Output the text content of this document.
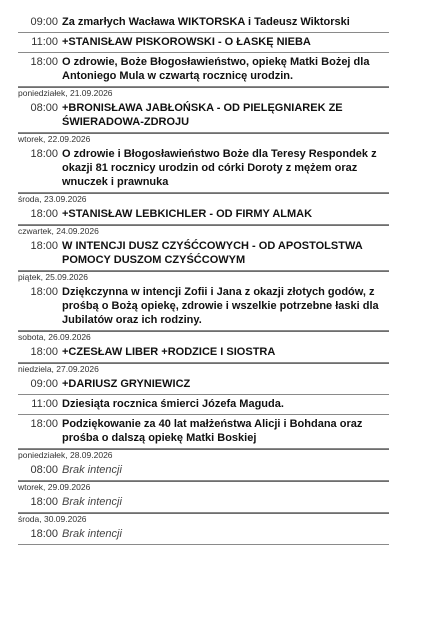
09:00 Za zmarłych Wacława WIKTORSKA i Tadeusz Wiktorski
11:00 +STANISŁAW PISKOROWSKI - O ŁASKĘ NIEBA
18:00 O zdrowie, Boże Błogosławieństwo, opiekę Matki Bożej dla Antoniego Mula w czwartą rocznicę urodzin.
poniedziałek, 21.09.2026
08:00 +BRONISŁAWA JABŁOŃSKA - OD PIELĘGNIAREK ZE ŚWIERADOWA-ZDROJU
wtorek, 22.09.2026
18:00 O zdrowie i Błogosławieństwo Boże dla Teresy Respondek z okazji 81 rocznicy urodzin od córki Doroty z mężem oraz wnuczek i prawnuka
środa, 23.09.2026
18:00 +STANISŁAW LEBKICHLER - OD FIRMY ALMAK
czwartek, 24.09.2026
18:00 W INTENCJI DUSZ CZYŚĆCOWYCH - OD APOSTOLSTWA POMOCY DUSZOM CZYŚĆCOWYM
piątek, 25.09.2026
18:00 Dziękczynna w intencji Zofii i Jana z okazji złotych godów, z prośbą o Bożą opiekę, zdrowie i wszelkie potrzebne łaski dla Jubilatów oraz ich rodziny.
sobota, 26.09.2026
18:00 +CZESŁAW LIBER +RODZICE I SIOSTRA
niedziela, 27.09.2026
09:00 +DARIUSZ GRYNIEWICZ
11:00 Dziesiąta rocznica śmierci Józefa Maguda.
18:00 Podziękowanie za 40 lat małżeństwa Alicji i Bohdana oraz prośba o dalszą opiekę Matki Boskiej
poniedziałek, 28.09.2026
08:00 Brak intencji
wtorek, 29.09.2026
18:00 Brak intencji
środa, 30.09.2026
18:00 Brak intencji
